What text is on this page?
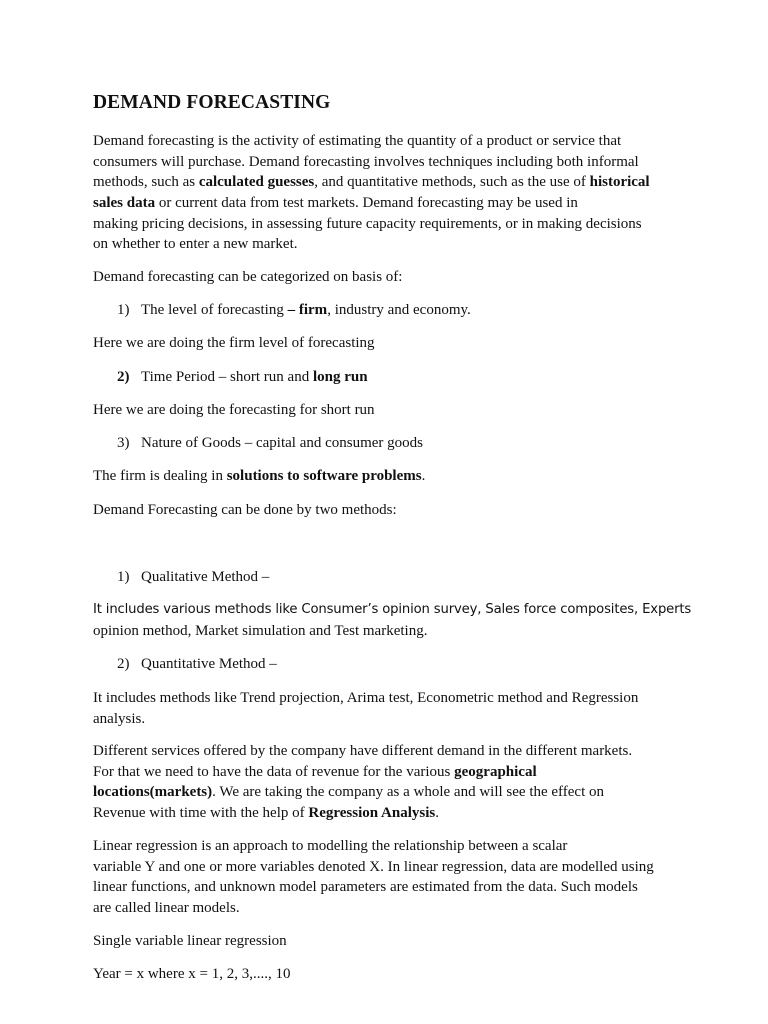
DEMAND FORECASTING
Demand forecasting is the activity of estimating the quantity of a product or service that
consumers will purchase. Demand forecasting involves techniques including both informal
methods, such as calculated guesses, and quantitative methods, such as the use of historical
sales data or current data from test markets. Demand forecasting may be used in
making pricing decisions, in assessing future capacity requirements, or in making decisions
on whether to enter a new market.

Demand forecasting can be categorized on basis of:

1) The level of forecasting – firm, industry and economy.

Here we are doing the firm level of forecasting

2) Time Period – short run and long run

Here we are doing the forecasting for short run

3) Nature of Goods – capital and consumer goods

The firm is dealing in solutions to software problems.

Demand Forecasting can be done by two methods:

1) Qualitative Method –

It includes various methods like Consumer’s opinion survey, Sales force composites, Experts
opinion method, Market simulation and Test marketing.

2) Quantitative Method –

It includes methods like Trend projection, Arima test, Econometric method and Regression
analysis.
Different services offered by the company have different demand in the different markets.
For that we need to have the data of revenue for the various geographical
locations(markets). We are taking the company as a whole and will see the effect on
Revenue with time with the help of Regression Analysis.
Linear regression is an approach to modelling the relationship between a scalar
variable Y and one or more variables denoted X. In linear regression, data are modelled using
linear functions, and unknown model parameters are estimated from the data. Such models
are called linear models.

Single variable linear regression

Year = x where x = 1, 2, 3,...., 10
